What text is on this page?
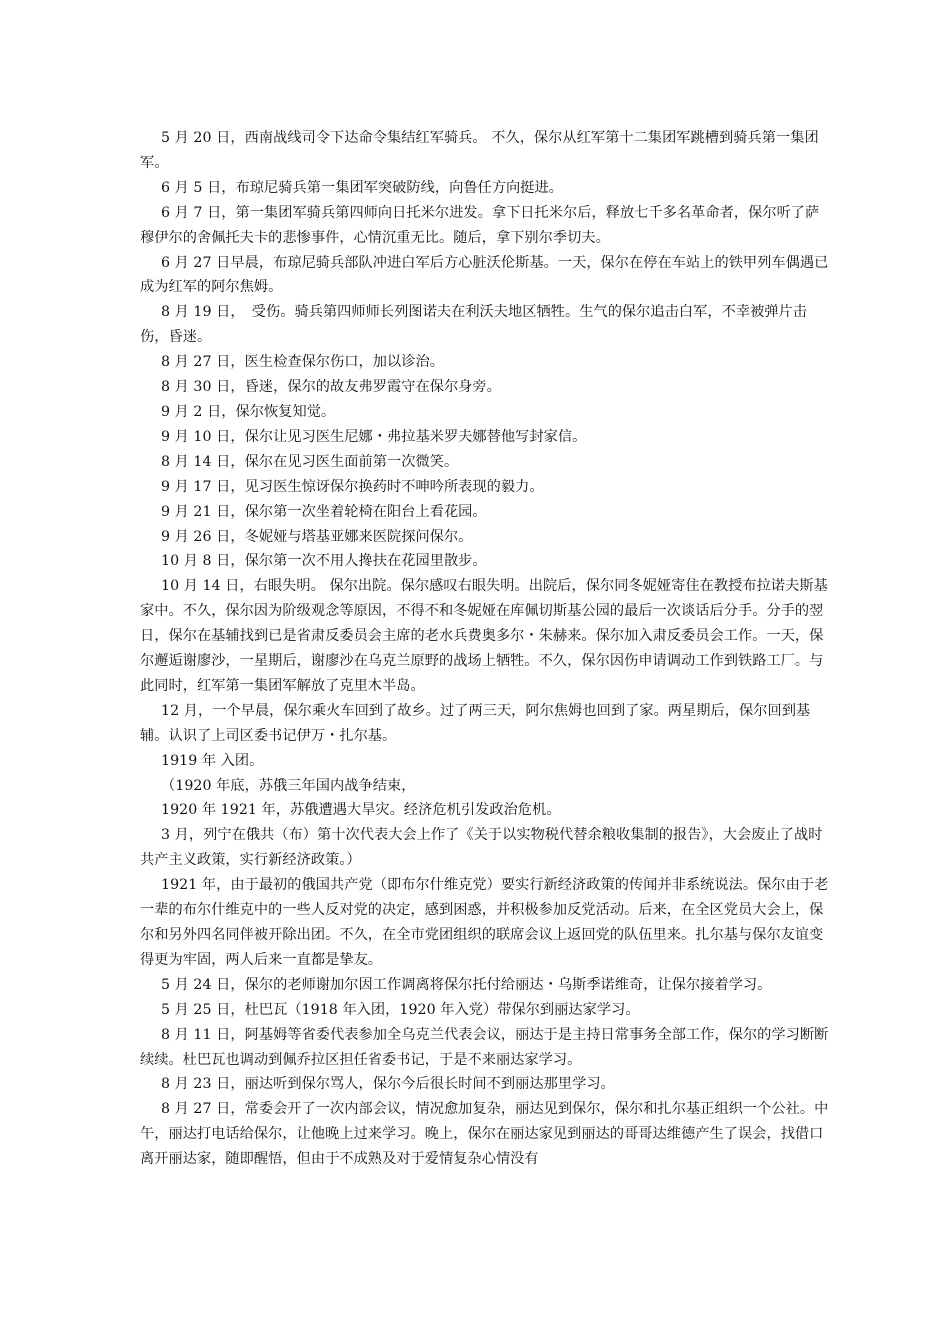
5 月 20 日，西南战线司令下达命令集结红军骑兵。 不久，保尔从红军第十二集团军跳槽到骑兵第一集团军。

6 月 5 日，布琼尼骑兵第一集团军突破防线，向鲁任方向挺进。

6 月 7 日，第一集团军骑兵第四师向日托米尔进发。拿下日托米尔后，释放七千多名革命者，保尔听了萨穆伊尔的舍佩托夫卡的悲惨事件，心情沉重无比。随后，拿下别尔季切夫。

6 月 27 日早晨，布琼尼骑兵部队冲进白军后方心脏沃伦斯基。一天，保尔在停在车站上的铁甲列车偶遇已成为红军的阿尔焦姆。

8 月 19 日，　受伤。骑兵第四师师长列图诺夫在利沃夫地区牺牲。生气的保尔追击白军，不幸被弹片击伤，昏迷。

8 月 27 日，医生检查保尔伤口，加以诊治。

8 月 30 日，昏迷，保尔的故友弗罗霞守在保尔身旁。

9 月 2 日，保尔恢复知觉。

9 月 10 日，保尔让见习医生尼娜・弗拉基米罗夫娜替他写封家信。

8 月 14 日，保尔在见习医生面前第一次微笑。

9 月 17 日，见习医生惊讶保尔换药时不呻吟所表现的毅力。

9 月 21 日，保尔第一次坐着轮椅在阳台上看花园。

9 月 26 日，冬妮娅与塔基亚娜来医院探问保尔。

10 月 8 日，保尔第一次不用人搀扶在花园里散步。

10 月 14 日，右眼失明。 保尔出院。保尔感叹右眼失明。出院后，保尔同冬妮娅寄住在教授布拉诺夫斯基家中。不久，保尔因为阶级观念等原因，不得不和冬妮娅在库佩切斯基公园的最后一次谈话后分手。分手的翌日，保尔在基辅找到已是省肃反委员会主席的老水兵费奥多尔・朱赫来。保尔加入肃反委员会工作。一天，保尔邂逅谢廖沙，一星期后，谢廖沙在乌克兰原野的战场上牺牲。不久，保尔因伤申请调动工作到铁路工厂。与此同时，红军第一集团军解放了克里木半岛。

12 月，一个早晨，保尔乘火车回到了故乡。过了两三天，阿尔焦姆也回到了家。两星期后，保尔回到基辅。认识了上司区委书记伊万・扎尔基。

1919 年 入团。

（1920 年底，苏俄三年国内战争结束，

1920 年 1921 年，苏俄遭遇大旱灾。经济危机引发政治危机。

3 月，列宁在俄共（布）第十次代表大会上作了《关于以实物税代替余粮收集制的报告》，大会废止了战时共产主义政策，实行新经济政策。）

1921 年，由于最初的俄国共产党（即布尔什维克党）要实行新经济政策的传闻并非系统说法。保尔由于老一辈的布尔什维克中的一些人反对党的决定，感到困惑，并积极参加反党活动。后来，在全区党员大会上，保尔和另外四名同伴被开除出团。不久，在全市党团组织的联席会议上返回党的队伍里来。扎尔基与保尔友谊变得更为牢固，两人后来一直都是挚友。

5 月 24 日，保尔的老师谢加尔因工作调离将保尔托付给丽达・乌斯季诺维奇，让保尔接着学习。

5 月 25 日，杜巴瓦（1918 年入团，1920 年入党）带保尔到丽达家学习。

8 月 11 日，阿基姆等省委代表参加全乌克兰代表会议，丽达于是主持日常事务全部工作，保尔的学习断断续续。杜巴瓦也调动到佩乔拉区担任省委书记，于是不来丽达家学习。

8 月 23 日，丽达听到保尔骂人，保尔今后很长时间不到丽达那里学习。

8 月 27 日，常委会开了一次内部会议，情况愈加复杂，丽达见到保尔，保尔和扎尔基正组织一个公社。中午，丽达打电话给保尔，让他晚上过来学习。晚上，保尔在丽达家见到丽达的哥哥达维德产生了误会，找借口离开丽达家，随即醒悟，但由于不成熟及对于爱情复杂心情没有
